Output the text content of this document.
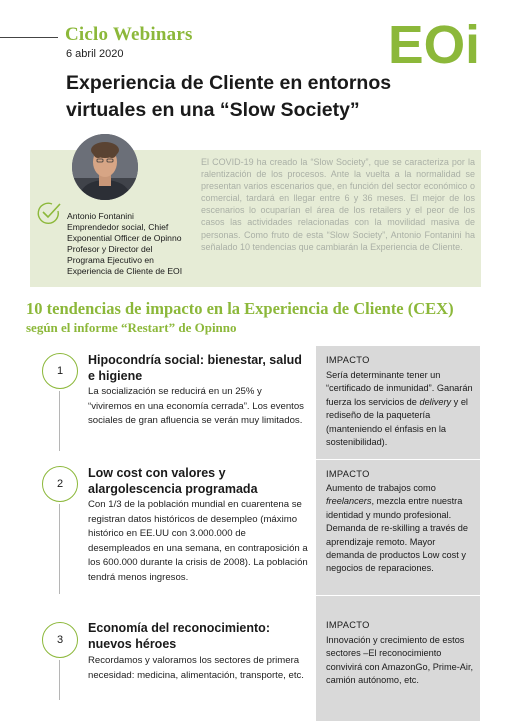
Ciclo Webinars
6 abril 2020	EOi
Experiencia de Cliente en entornos
virtuales en una “Slow Society”
Antonio Fontanini
Emprendedor social, Chief
Exponential Officer de Opinno
Profesor y Director del
Programa Ejecutivo en
Experiencia de Cliente de EOI
El COVID-19 ha creado la “Slow Society”, que se caracteriza por la ralentización de los procesos. Ante la vuelta a la normalidad se presentan varios escenarios que, en función del sector económico o comercial, tardará en llegar entre 6 y 36 meses. El mejor de los escenarios lo ocuparían el área de los retailers y el peor de los casos las actividades relacionadas con la movilidad masiva de personas. Como fruto de esta “Slow Society”, Antonio Fontanini ha señalado 10 tendencias que cambiarán la Experiencia de Cliente.
10 tendencias de impacto en la Experiencia de Cliente (CEX)
según el informe “Restart” de Opinno
1
Hipocondría social: bienestar, salud e higiene
La socialización se reducirá en un 25% y “viviremos en una economía cerrada”. Los eventos sociales de gran afluencia se verán muy limitados.
IMPACTO
Sería determinante tener un “certificado de inmunidad”. Ganarán fuerza los servicios de delivery y el rediseño de la paquetería (manteniendo el énfasis en la sostenibilidad).
2
Low cost con valores y alargolescencia programada
Con 1/3 de la población mundial en cuarentena se registran datos históricos de desempleo (máximo histórico en EE.UU con 3.000.000 de desempleados en una semana, en contraposición a los 600.000 durante la crisis de 2008). La población tendrá menos ingresos.
IMPACTO
Aumento de trabajos como freelancers, mezcla entre nuestra identidad y mundo profesional. Demanda de re-skilling a través de aprendizaje remoto. Mayor demanda de productos Low cost y negocios de reparaciones.
3
Economía del reconocimiento: nuevos héroes
Recordamos y valoramos los sectores de primera necesidad: medicina, alimentación, transporte, etc.
IMPACTO
Innovación y crecimiento de estos sectores –El reconocimiento convivirá con AmazonGo, Prime-Air, camión autónomo, etc.
